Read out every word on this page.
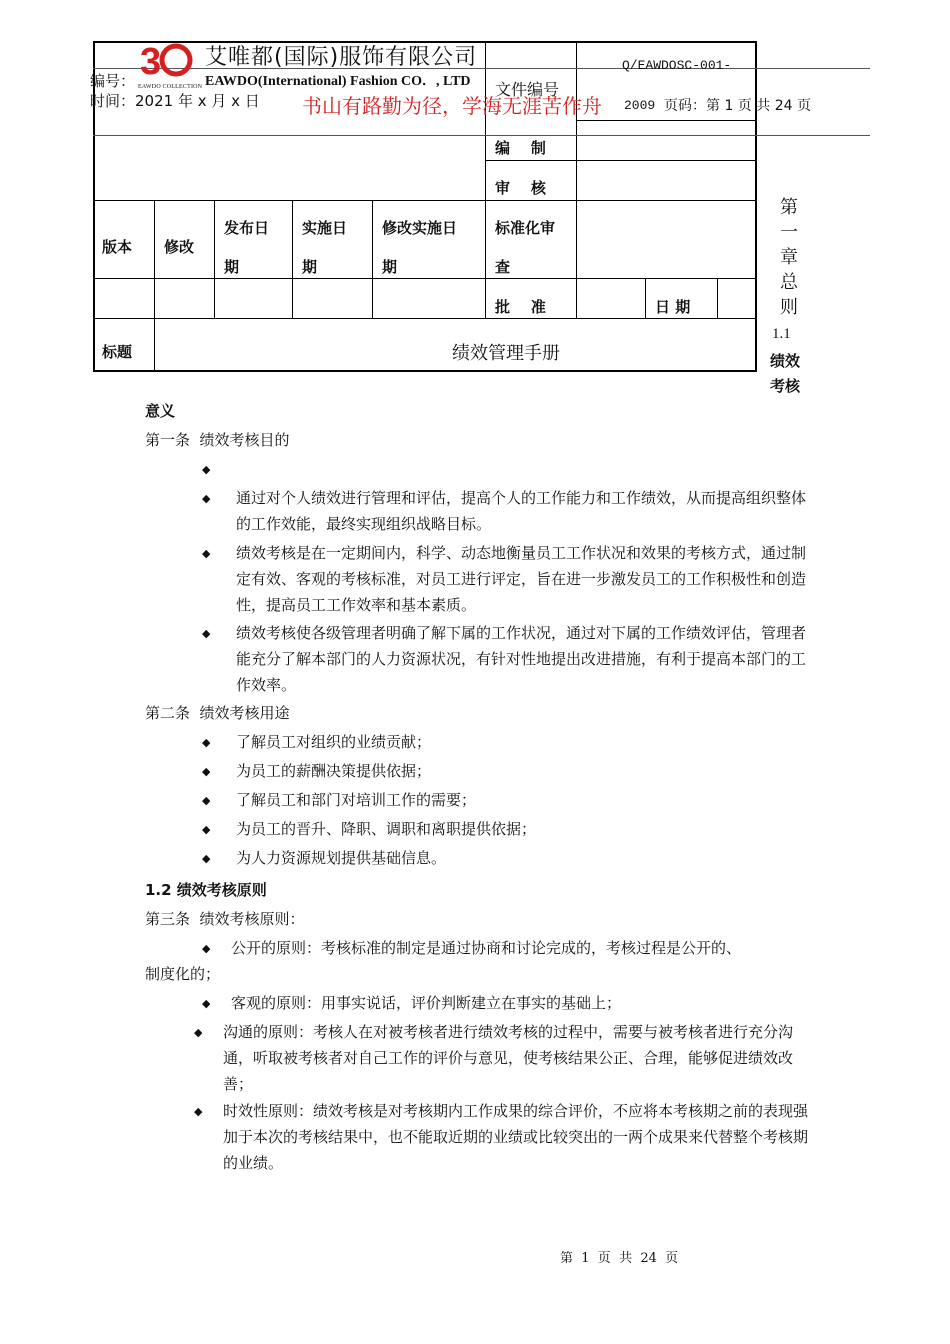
3
EAWDO COLLECTION
艾唯都(国际)服饰有限公司
EAWDO(International) Fashion CO．, LTD
编号：
时间：2021 年 x 月 x 日 书山有路勤为径，学海无涯苦作舟
文件编号
Q/EAWDOSC-001-
2009 页码：第 1 页 共 24 页
编    制
审    核
版本 修改
发布日
期
实施日
期
修改实施日
期
标准化审
查
批    准	日 期
标题	绩效管理手册
第
一
章
总
则
1.1
绩效
考核
意义
第一条  绩效考核目的
◆
◆ 通过对个人绩效进行管理和评估，提高个人的工作能力和工作绩效，从而提高组织整体的工作效能，最终实现组织战略目标。
◆ 绩效考核是在一定期间内，科学、动态地衡量员工工作状况和效果的考核方式，通过制定有效、客观的考核标准，对员工进行评定，旨在进一步激发员工的工作积极性和创造性，提高员工工作效率和基本素质。
◆ 绩效考核使各级管理者明确了解下属的工作状况，通过对下属的工作绩效评估，管理者能充分了解本部门的人力资源状况，有针对性地提出改进措施，有利于提高本部门的工作效率。
第二条  绩效考核用途
◆ 了解员工对组织的业绩贡献；
◆ 为员工的薪酬决策提供依据；
◆ 了解员工和部门对培训工作的需要；
◆ 为员工的晋升、降职、调职和离职提供依据；
◆ 为人力资源规划提供基础信息。
1.2 绩效考核原则
第三条  绩效考核原则：
◆ 公开的原则：考核标准的制定是通过协商和讨论完成的，考核过程是公开的、
制度化的；
◆ 客观的原则：用事实说话，评价判断建立在事实的基础上；
◆ 沟通的原则：考核人在对被考核者进行绩效考核的过程中，需要与被考核者进行充分沟通，听取被考核者对自己工作的评价与意见，使考核结果公正、合理，能够促进绩效改善；
◆ 时效性原则：绩效考核是对考核期内工作成果的综合评价，不应将本考核期之前的表现强加于本次的考核结果中，也不能取近期的业绩或比较突出的一两个成果来代替整个考核期的业绩。
第  1  页  共  24  页
